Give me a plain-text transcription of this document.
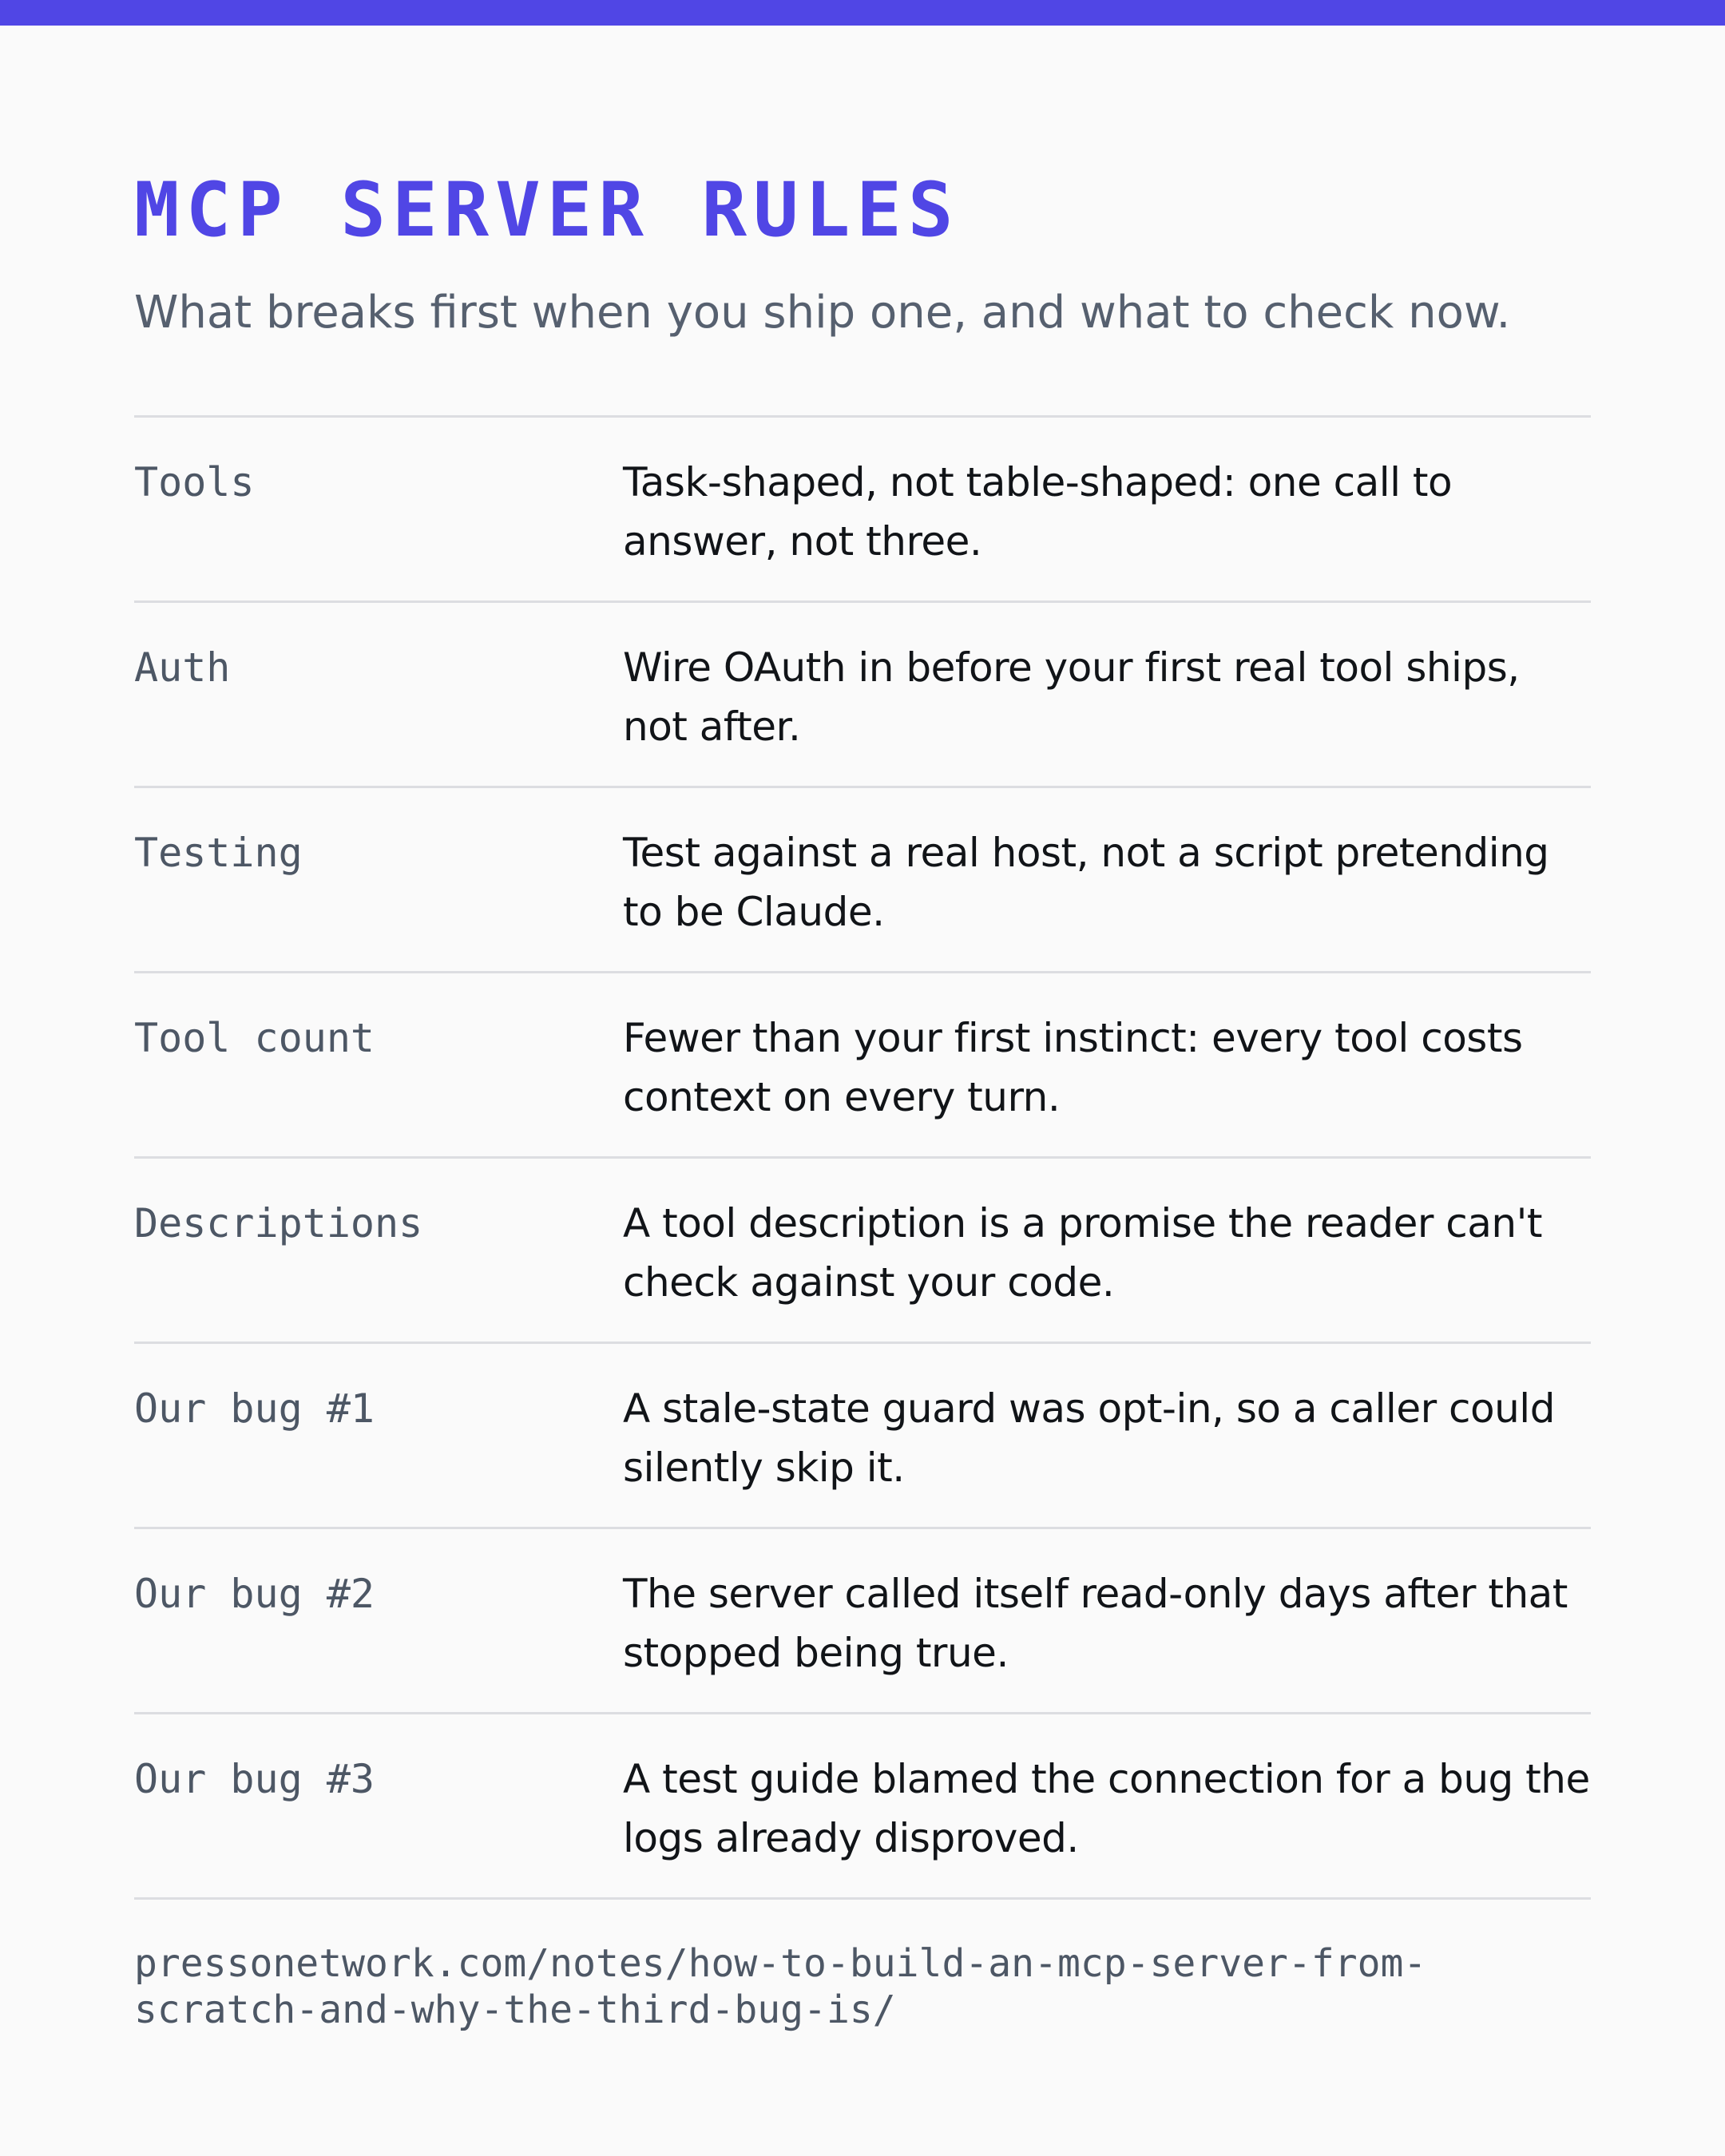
MCP SERVER RULES

What breaks first when you ship one, and what to check now.

Tools	Task-shaped, not table-shaped: one call to answer, not three.
Auth	Wire OAuth in before your first real tool ships, not after.
Testing	Test against a real host, not a script pretending to be Claude.
Tool count	Fewer than your first instinct: every tool costs context on every turn.
Descriptions	A tool description is a promise the reader can't check against your code.
Our bug #1	A stale-state guard was opt-in, so a caller could silently skip it.
Our bug #2	The server called itself read-only days after that stopped being true.
Our bug #3	A test guide blamed the connection for a bug the logs already disproved.
pressonetwork.com/notes/how-to-build-an-mcp-server-from-
scratch-and-why-the-third-bug-is/
